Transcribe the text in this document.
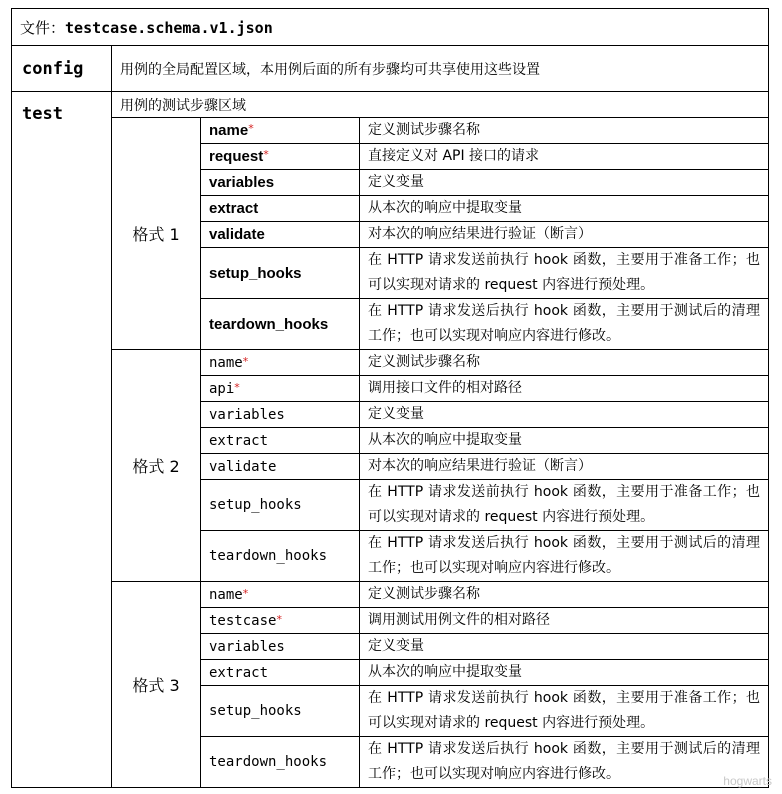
文件：testcase.schema.v1.json			
config	用例的全局配置区域，本用例后面的所有步骤均可共享使用这些设置		
test	用例的测试步骤区域		
	格式 1	name*	定义测试步骤名称
		request*	直接定义对 API 接口的请求
		variables	定义变量
		extract	从本次的响应中提取变量
		validate	对本次的响应结果进行验证（断言）
		setup_hooks	在 HTTP 请求发送前执行 hook 函数，主要用于准备工作；也可以实现对请求的 request 内容进行预处理。
		teardown_hooks	在 HTTP 请求发送后执行 hook 函数，主要用于测试后的清理工作；也可以实现对响应内容进行修改。
	格式 2	name*	定义测试步骤名称
		api*	调用接口文件的相对路径
		variables	定义变量
		extract	从本次的响应中提取变量
		validate	对本次的响应结果进行验证（断言）
		setup_hooks	在 HTTP 请求发送前执行 hook 函数，主要用于准备工作；也可以实现对请求的 request 内容进行预处理。
		teardown_hooks	在 HTTP 请求发送后执行 hook 函数，主要用于测试后的清理工作；也可以实现对响应内容进行修改。
	格式 3	name*	定义测试步骤名称
		testcase*	调用测试用例文件的相对路径
		variables	定义变量
		extract	从本次的响应中提取变量
		setup_hooks	在 HTTP 请求发送前执行 hook 函数，主要用于准备工作；也可以实现对请求的 request 内容进行预处理。
		teardown_hooks	在 HTTP 请求发送后执行 hook 函数，主要用于测试后的清理工作；也可以实现对响应内容进行修改。	hogwarts
